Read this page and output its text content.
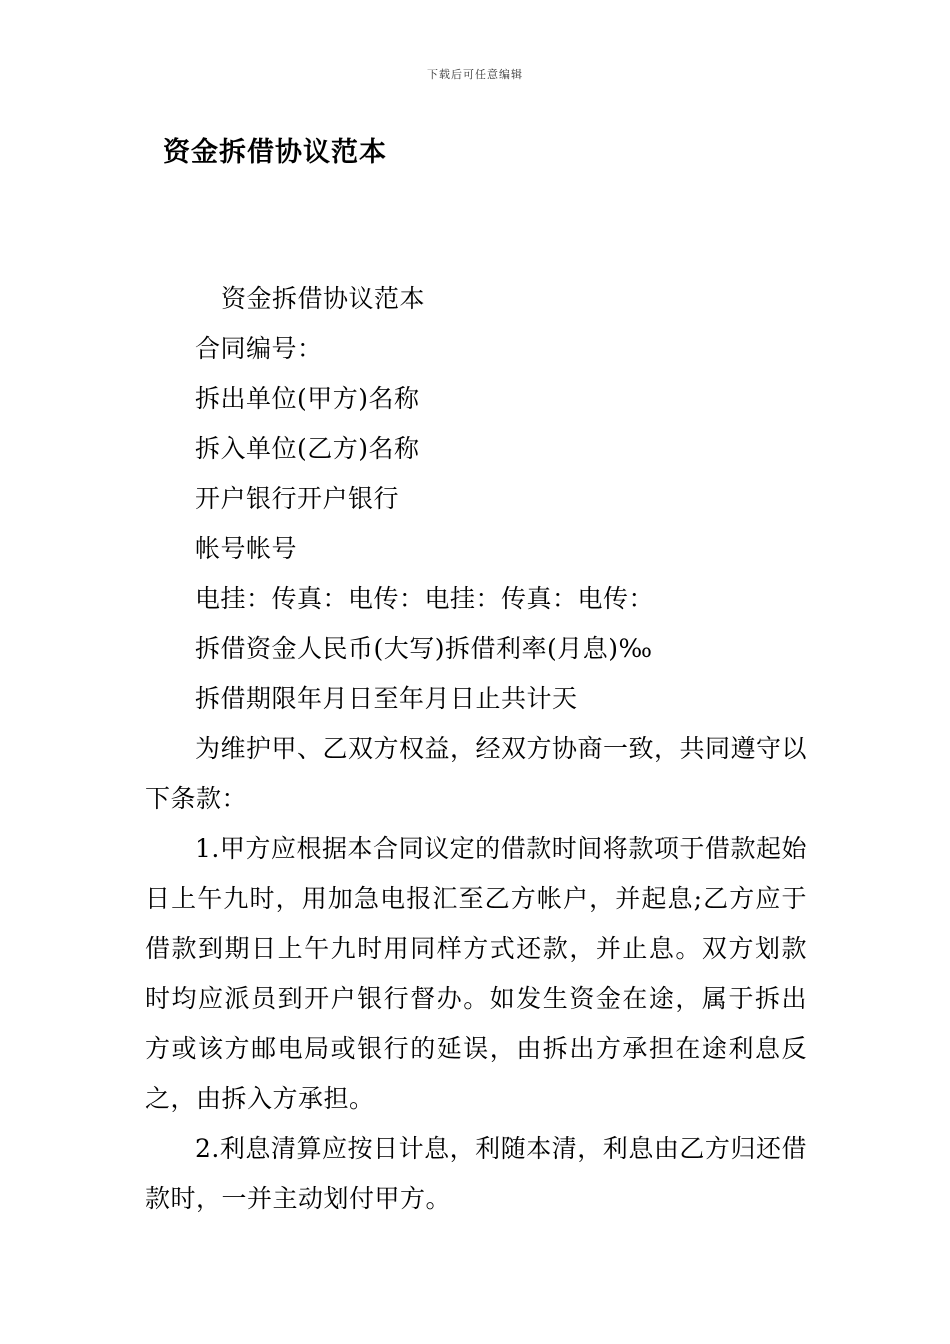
下载后可任意编辑
资金拆借协议范本

资金拆借协议范本

合同编号：

拆出单位(甲方)名称

拆入单位(乙方)名称

开户银行开户银行

帐号帐号

电挂：传真：电传：电挂：传真：电传：

拆借资金人民币(大写)拆借利率(月息)‰

拆借期限年月日至年月日止共计天

为维护甲、乙双方权益，经双方协商一致，共同遵守以下条款：

1.甲方应根据本合同议定的借款时间将款项于借款起始日上午九时，用加急电报汇至乙方帐户，并起息;乙方应于借款到期日上午九时用同样方式还款，并止息。双方划款时均应派员到开户银行督办。如发生资金在途，属于拆出方或该方邮电局或银行的延误，由拆出方承担在途利息反之，由拆入方承担。

2.利息清算应按日计息，利随本清，利息由乙方归还借款时，一并主动划付甲方。
